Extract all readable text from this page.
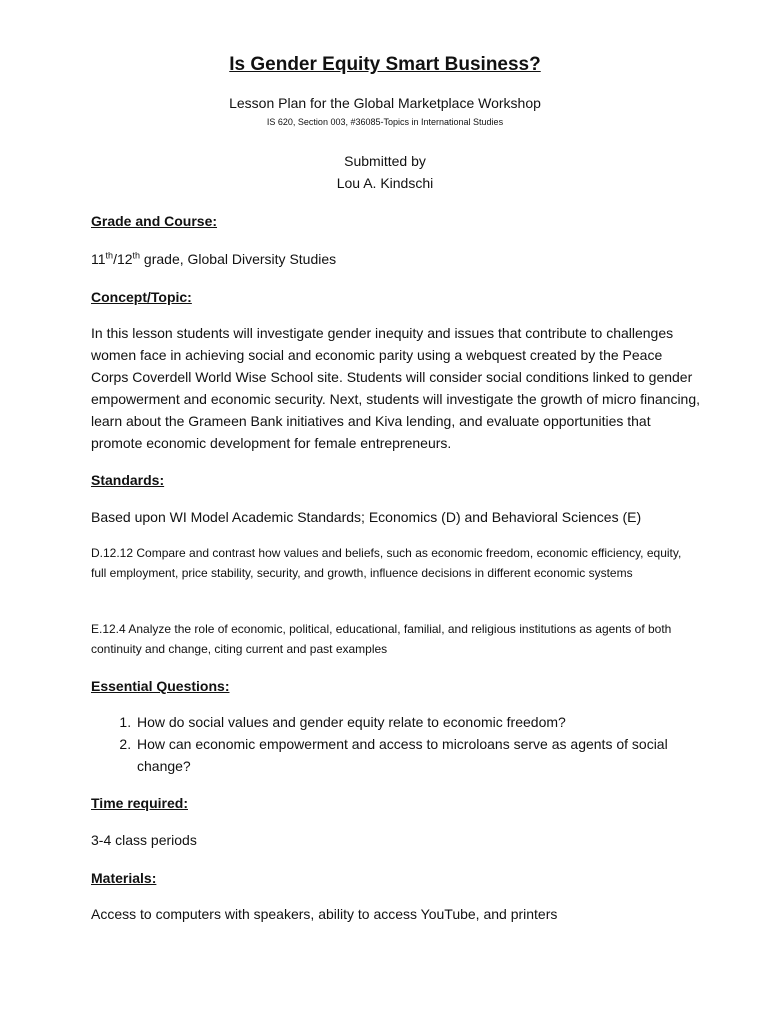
Is Gender Equity Smart Business?
Lesson Plan for the Global Marketplace Workshop
IS 620, Section 003, #36085-Topics in International Studies
Submitted by
Lou A. Kindschi
Grade and Course:
11th/12th grade, Global Diversity Studies
Concept/Topic:
In this lesson students will investigate gender inequity and issues that contribute to challenges women face in achieving social and economic parity using a webquest created by the Peace Corps Coverdell World Wise School site. Students will consider social conditions linked to gender empowerment and economic security. Next, students will investigate the growth of micro financing, learn about the Grameen Bank initiatives and Kiva lending, and evaluate opportunities that promote economic development for female entrepreneurs.
Standards:
Based upon WI Model Academic Standards; Economics (D) and Behavioral Sciences (E)
D.12.12 Compare and contrast how values and beliefs, such as economic freedom, economic efficiency, equity, full employment, price stability, security, and growth, influence decisions in different economic systems
E.12.4 Analyze the role of economic, political, educational, familial, and religious institutions as agents of both continuity and change, citing current and past examples
Essential Questions:
1. How do social values and gender equity relate to economic freedom?
2. How can economic empowerment and access to microloans serve as agents of social change?
Time required:
3-4 class periods
Materials:
Access to computers with speakers, ability to access YouTube, and printers
